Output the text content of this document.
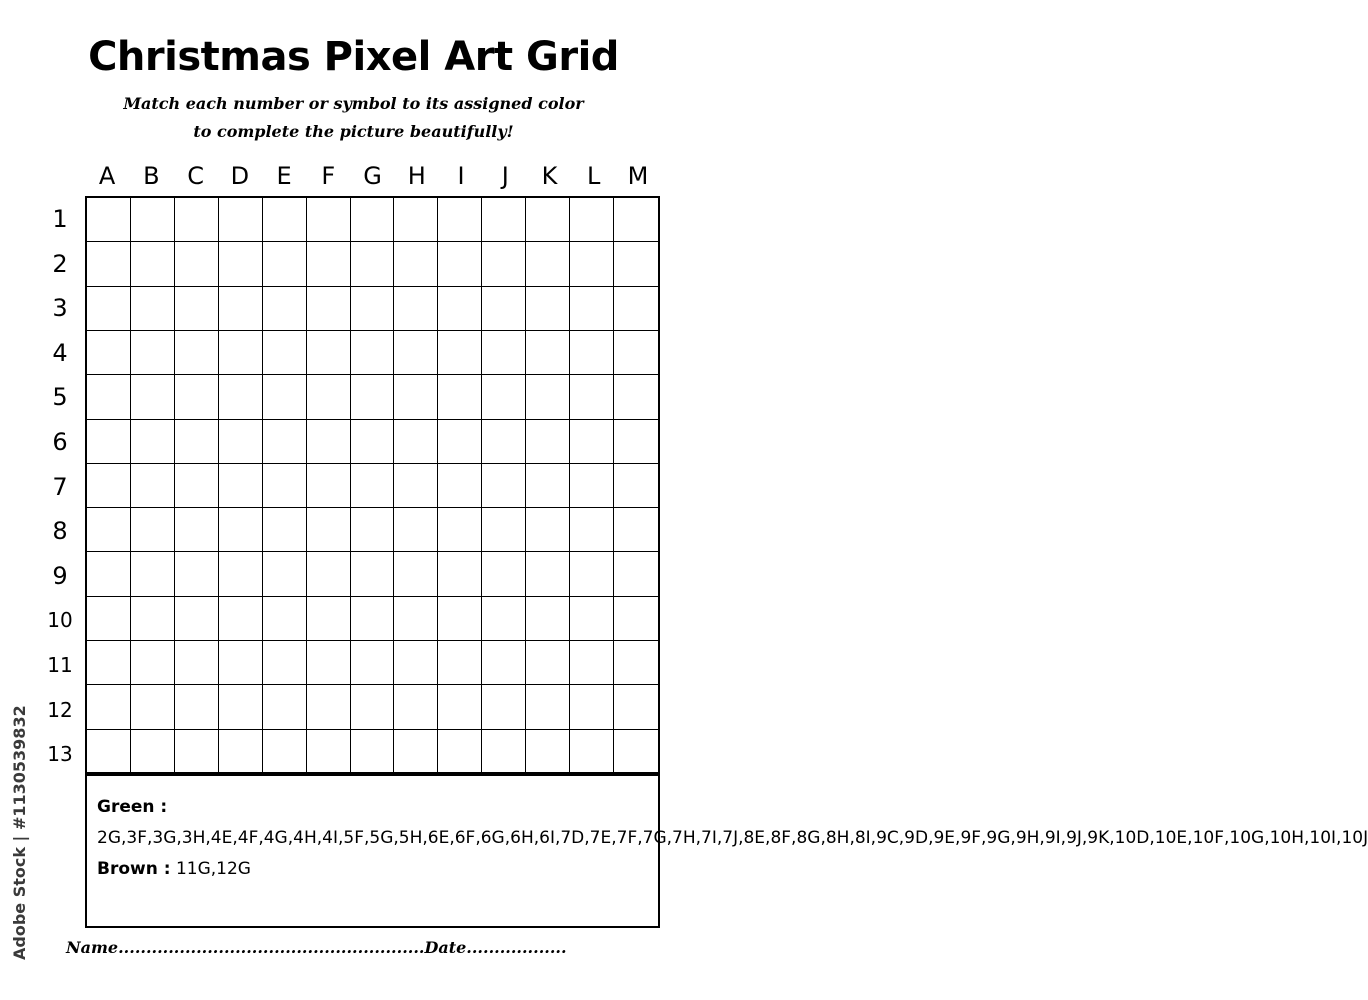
Christmas Pixel Art Grid
Match each number or symbol to its assigned color
to complete the picture beautifully!
A	B	C	D	E	F	G	H	I	J	K	L	M
1
2
3
4
5
6
7
8
9
10
11
12
13
Green : 2G,3F,3G,3H,4E,4F,4G,4H,4I,5F,5G,5H,6E,6F,6G,6H,6I,7D,7E,7F,7G,7H,7I,7J,8E,8F,8G,8H,8I,9C,9D,9E,9F,9G,9H,9I,9J,9K,10D,10E,10F,10G,10H,10I,10J
Brown : 11G,12G
Name.......................................................Date..................
Adobe Stock | #1130539832
